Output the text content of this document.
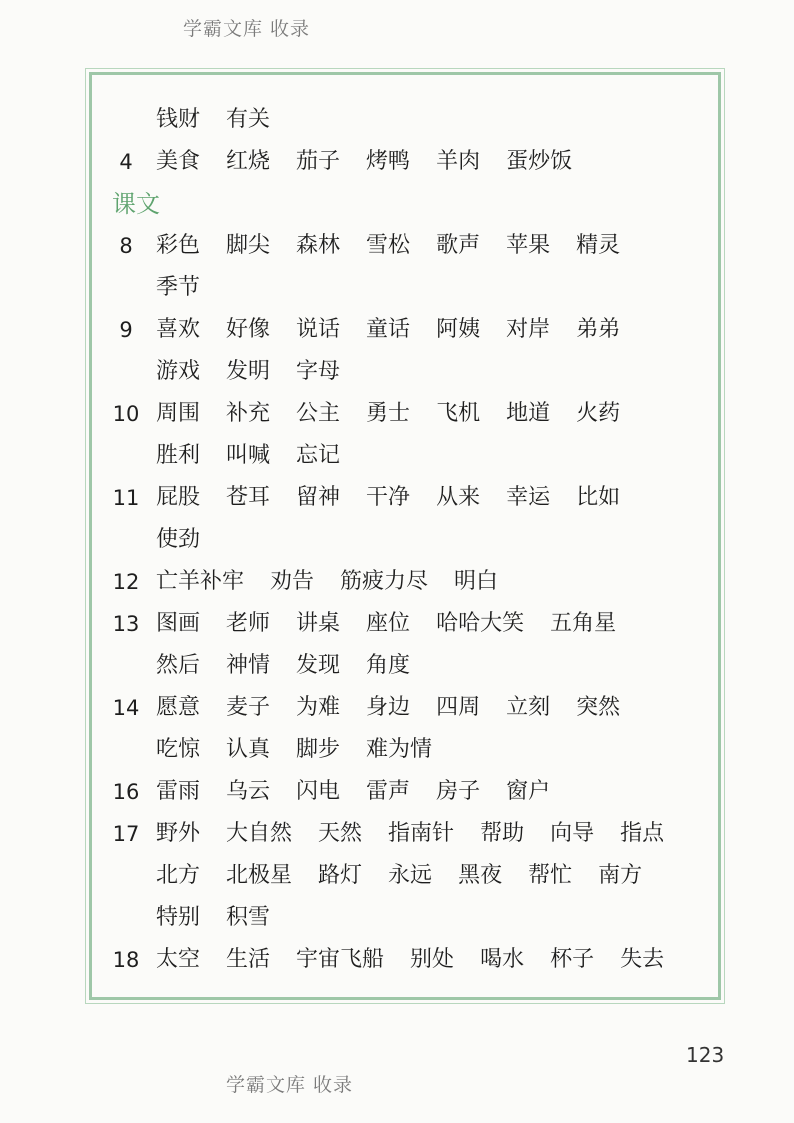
学霸文库 收录
钱财 有关
4	美食 红烧 茄子 烤鸭 羊肉 蛋炒饭
课文
8	彩色 脚尖 森林 雪松 歌声 苹果 精灵
季节
9	喜欢 好像 说话 童话 阿姨 对岸 弟弟
游戏 发明 字母
10 周围 补充 公主 勇士 飞机 地道 火药
胜利 叫喊 忘记
11 屁股 苍耳 留神 干净 从来 幸运 比如
使劲
12 亡羊补牢 劝告 筋疲力尽 明白
13 图画 老师 讲桌 座位 哈哈大笑 五角星
然后 神情 发现 角度
14 愿意 麦子 为难 身边 四周 立刻 突然
吃惊 认真 脚步 难为情
16 雷雨 乌云 闪电 雷声 房子 窗户
17 野外 大自然 天然 指南针 帮助 向导 指点
北方 北极星 路灯 永远 黑夜 帮忙 南方
特别 积雪
18 太空 生活 宇宙飞船 别处 喝水 杯子 失去
123
学霸文库 收录
